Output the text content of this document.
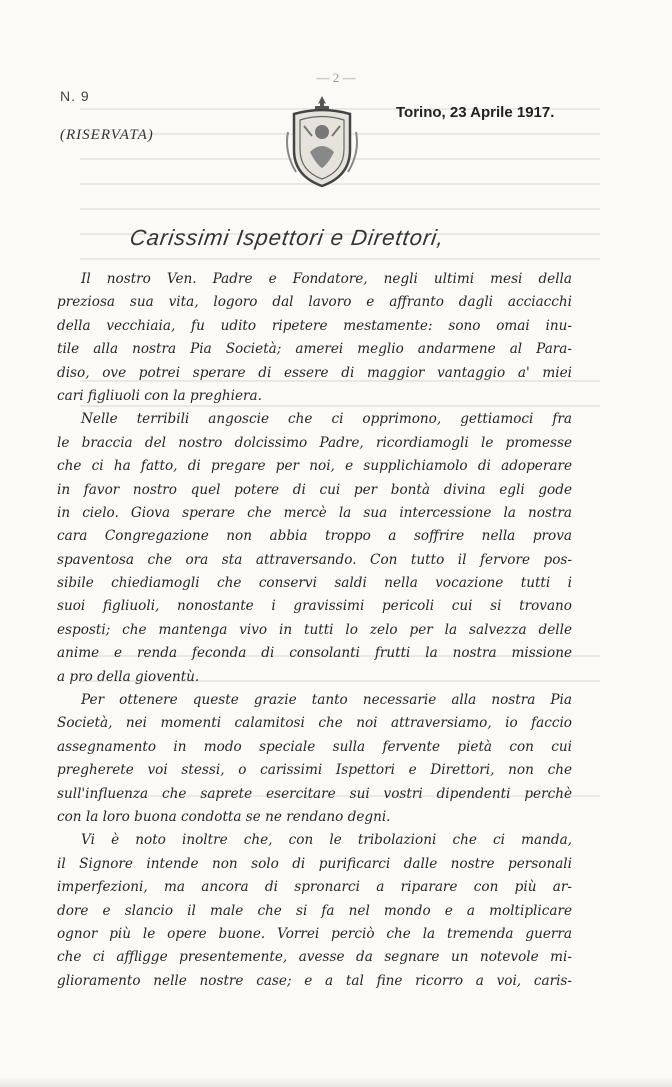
— 2 —
N. 9
(RISERVATA)
Torino, 23 Aprile 1917.
Carissimi Ispettori e Direttori,
Il nostro Ven. Padre e Fondatore, negli ultimi mesi della
preziosa sua vita, logoro dal lavoro e affranto dagli acciacchi
della vecchiaia, fu udito ripetere mestamente: sono omai inu-
tile alla nostra Pia Società; amerei meglio andarmene al Para-
diso, ove potrei sperare di essere di maggior vantaggio a' miei
cari figliuoli con la preghiera.
Nelle terribili angoscie che ci opprimono, gettiamoci fra
le braccia del nostro dolcissimo Padre, ricordiamogli le promesse
che ci ha fatto, di pregare per noi, e supplichiamolo di adoperare
in favor nostro quel potere di cui per bontà divina egli gode
in cielo. Giova sperare che mercè la sua intercessione la nostra
cara Congregazione non abbia troppo a soffrire nella prova
spaventosa che ora sta attraversando. Con tutto il fervore pos-
sibile chiediamogli che conservi saldi nella vocazione tutti i
suoi figliuoli, nonostante i gravissimi pericoli cui si trovano
esposti; che mantenga vivo in tutti lo zelo per la salvezza delle
anime e renda feconda di consolanti frutti la nostra missione
a pro della gioventù.
Per ottenere queste grazie tanto necessarie alla nostra Pia
Società, nei momenti calamitosi che noi attraversiamo, io faccio
assegnamento in modo speciale sulla fervente pietà con cui
pregherete voi stessi, o carissimi Ispettori e Direttori, non che
sull'influenza che saprete esercitare sui vostri dipendenti perchè
con la loro buona condotta se ne rendano degni.
Vi è noto inoltre che, con le tribolazioni che ci manda,
il Signore intende non solo di purificarci dalle nostre personali
imperfezioni, ma ancora di spronarci a riparare con più ar-
dore e slancio il male che si fa nel mondo e a moltiplicare
ognor più le opere buone. Vorrei perciò che la tremenda guerra
che ci affligge presentemente, avesse da segnare un notevole mi-
glioramento nelle nostre case; e a tal fine ricorro a voi, caris-
